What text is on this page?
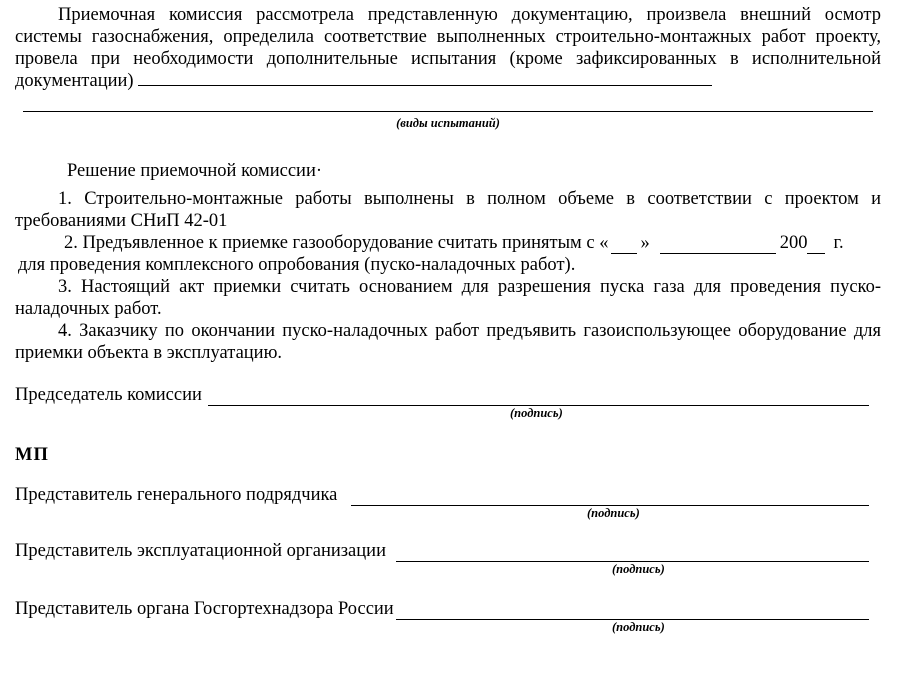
Приемочная комиссия рассмотрела представленную документацию, произвела внешний осмотр системы газоснабжения, определила соответствие выполненных строительно-монтажных работ проекту, провела при необходимости дополнительные испытания (кроме зафиксированных в исполнительной документации)

(виды испытаний)

Решение приемочной комиссии·

1. Строительно-монтажные работы выполнены в полном объеме в соответствии с проектом и требованиями СНиП 42-01

2. Предъявленное к приемке газооборудование считать принятым с « »	200 г.

для проведения комплексного опробования (пуско-наладочных работ).

3. Настоящий акт приемки считать основанием для разрешения пуска газа для проведения пуско-наладочных работ.

4. Заказчику по окончании пуско-наладочных работ предъявить газоиспользующее оборудование для приемки объекта в эксплуатацию.

Председатель комиссии
(подпись)
МП
Представитель генерального подрядчика
(подпись)
Представитель эксплуатационной организации
(подпись)
Представитель органа Госгортехнадзора России
(подпись)
